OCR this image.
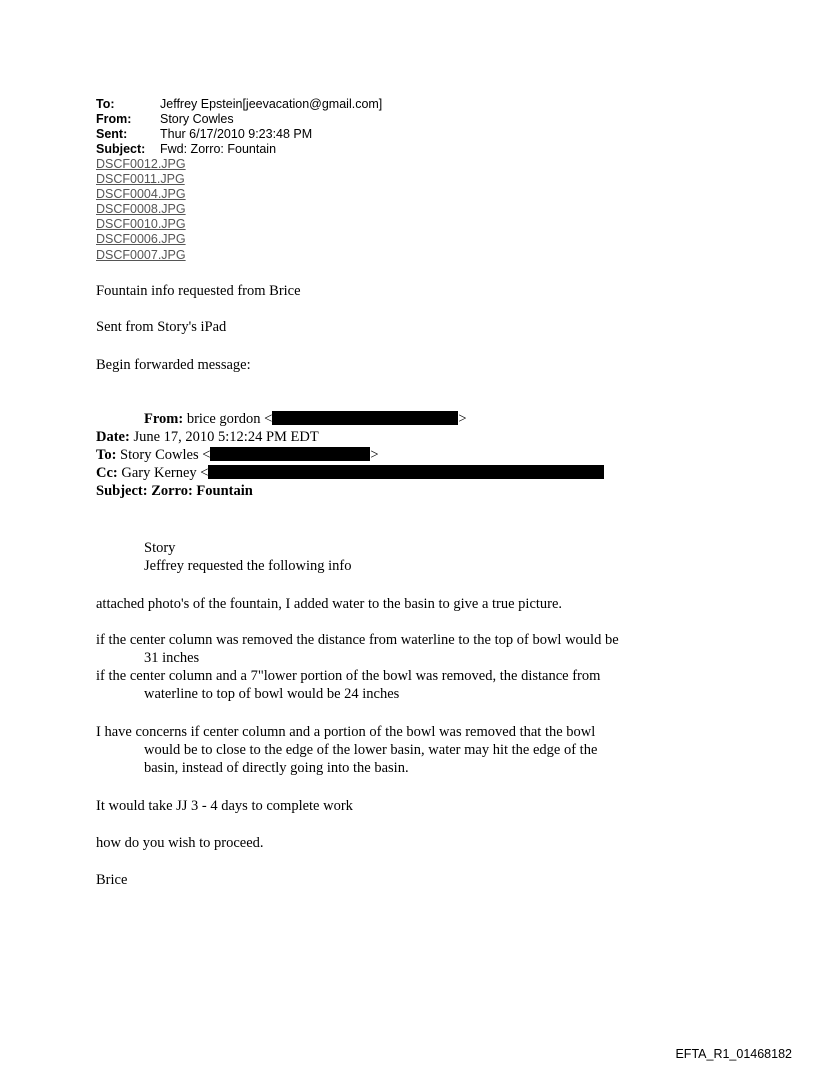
To:	Jeffrey Epstein[jeevacation@gmail.com]
From: Story Cowles
Sent:	Thur 6/17/2010 9:23:48 PM
Subject: Fwd: Zorro: Fountain
DSCF0012.JPG
DSCF0011.JPG
DSCF0004.JPG
DSCF0008.JPG
DSCF0010.JPG
DSCF0006.JPG
DSCF0007.JPG
Fountain info requested from Brice
Sent from Story's iPad
Begin forwarded message:
From: brice gordon <	>
Date: June 17, 2010 5:12:24 PM EDT
To: Story Cowles <	>
Cc: Gary Kerney <
Subject: Zorro: Fountain
Story
Jeffrey requested the following info
attached photo's of the fountain, I added water to the basin to give a true picture.
if the center column was removed the distance from waterline to the top of bowl would be
31 inches
if the center column and a 7"lower portion of the bowl was removed, the distance from
waterline to top of bowl would be 24 inches
I have concerns if center column and a portion of the bowl was removed that the bowl
would be to close to the edge of the lower basin, water may hit the edge of the
basin, instead of directly going into the basin.
It would take JJ 3 - 4 days to complete work
how do you wish to proceed.
Brice
EFTA_R1_01468182
